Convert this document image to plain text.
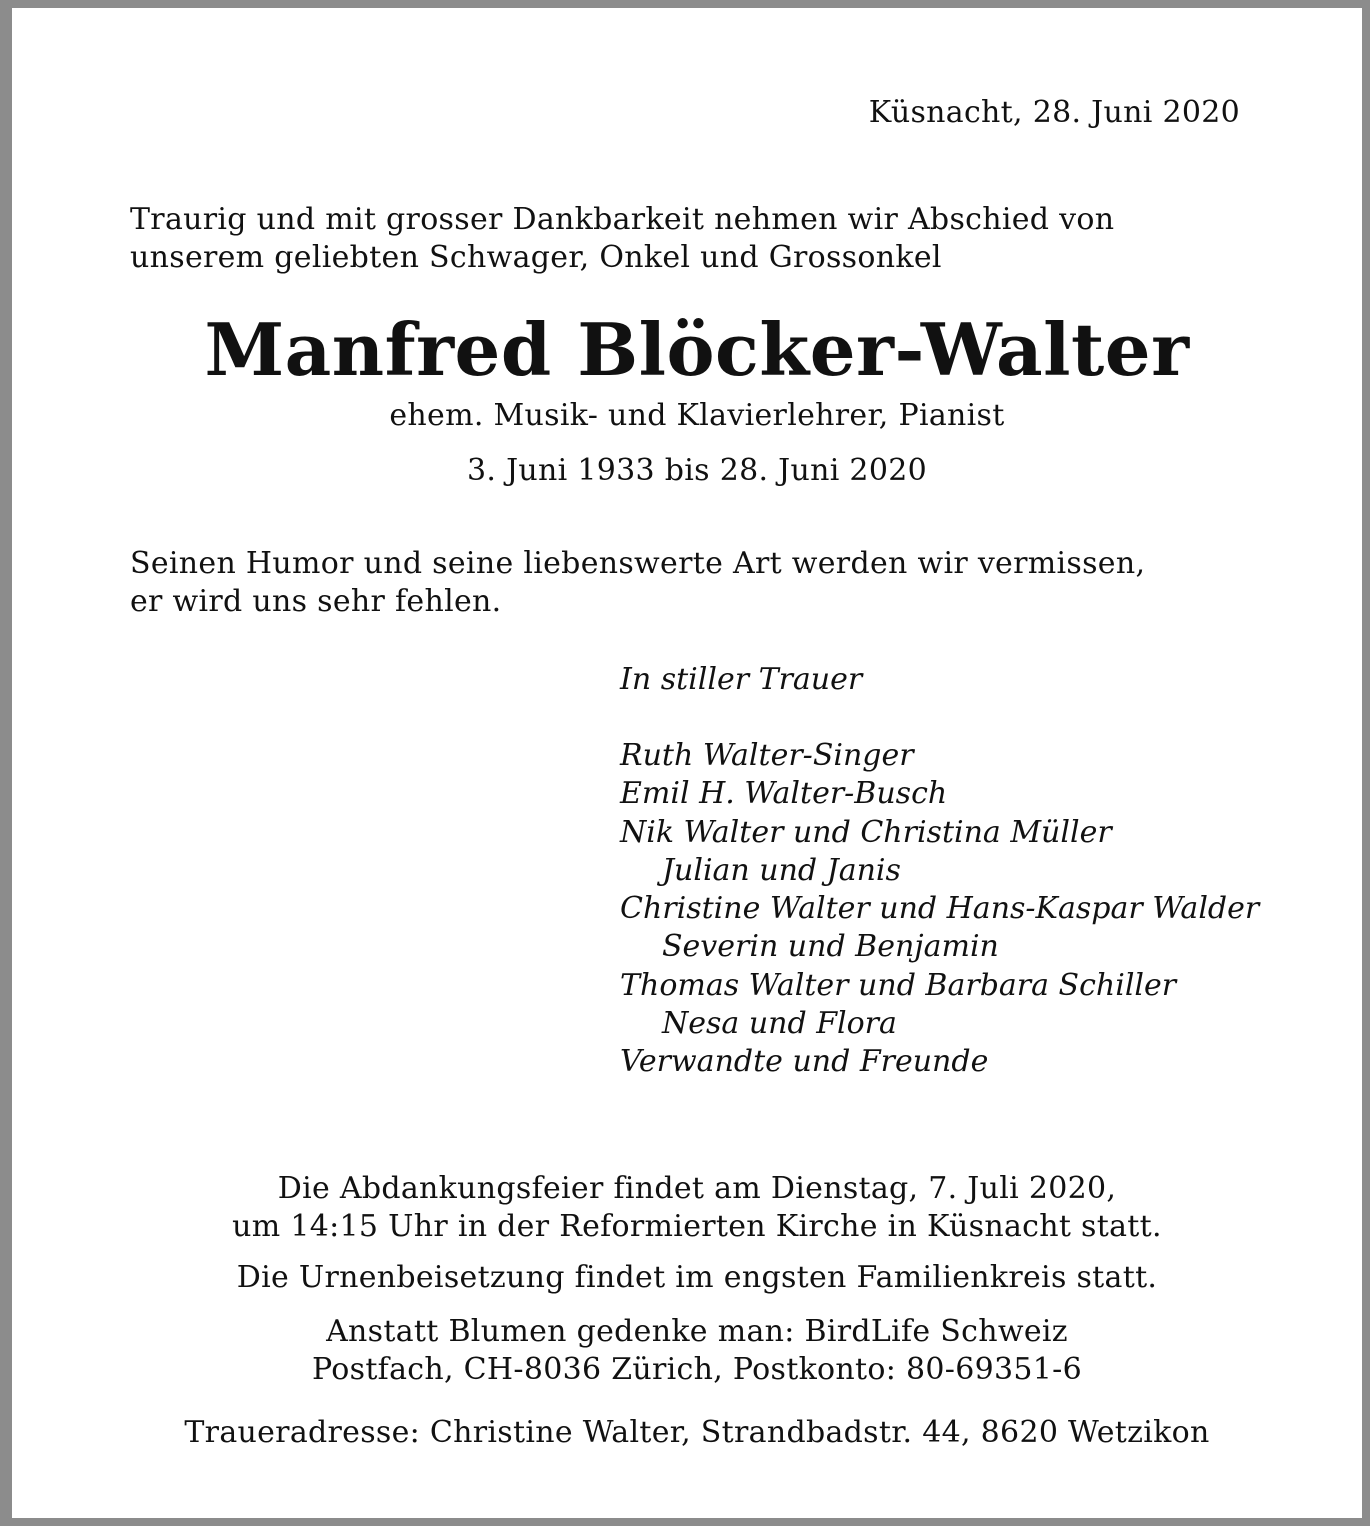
Küsnacht, 28. Juni 2020

Traurig und mit grosser Dankbarkeit nehmen wir Abschied von
unserem geliebten Schwager, Onkel und Grossonkel
Manfred Blöcker-Walter

ehem. Musik- und Klavierlehrer, Pianist

3. Juni 1933 bis 28. Juni 2020

Seinen Humor und seine liebenswerte Art werden wir vermissen,
er wird uns sehr fehlen.

In stiller Trauer

Ruth Walter-Singer
Emil H. Walter-Busch
Nik Walter und Christina Müller
Julian und Janis
Christine Walter und Hans-Kaspar Walder
Severin und Benjamin
Thomas Walter und Barbara Schiller
Nesa und Flora
Verwandte und Freunde
Die Abdankungsfeier findet am Dienstag, 7. Juli 2020,
um 14:15 Uhr in der Reformierten Kirche in Küsnacht statt.

Die Urnenbeisetzung findet im engsten Familienkreis statt.

Anstatt Blumen gedenke man: BirdLife Schweiz
Postfach, CH-8036 Zürich, Postkonto: 80-69351-6

Traueradresse: Christine Walter, Strandbadstr. 44, 8620 Wetzikon
